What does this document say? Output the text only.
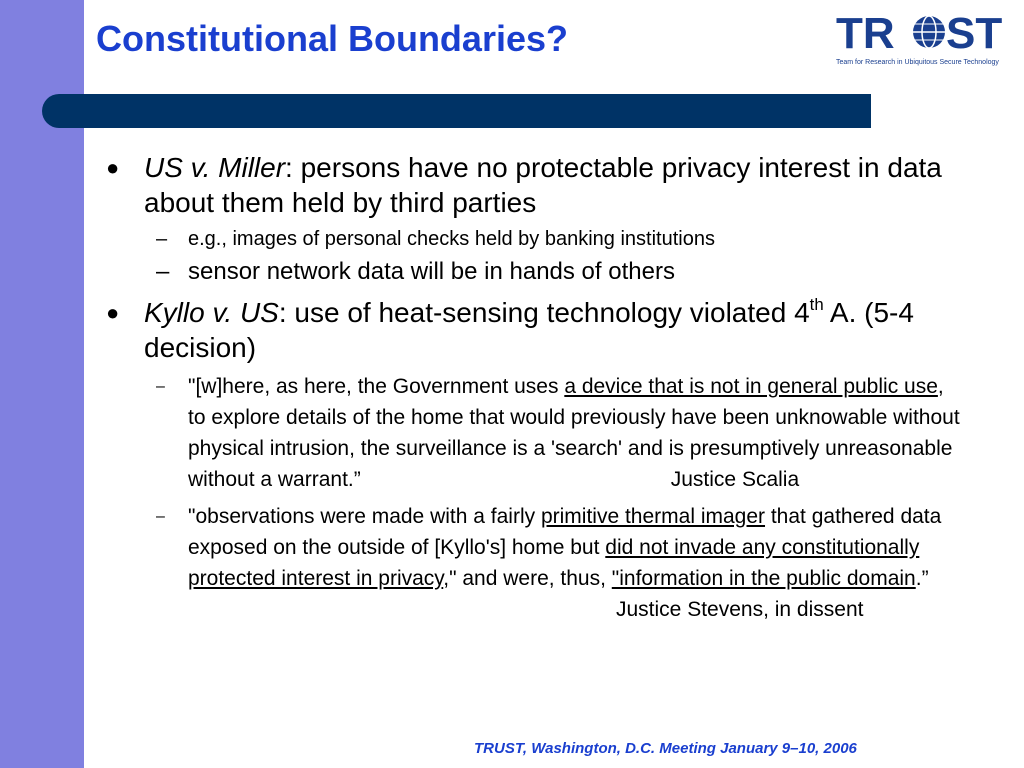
Constitutional Boundaries?	TR ST
Team for Research in Ubiquitous Secure Technology
● US v. Miller: persons have no protectable privacy interest in data about them held by third parties
– e.g., images of personal checks held by banking institutions
– sensor network data will be in hands of others
● Kyllo v. US: use of heat-sensing technology violated 4th A. (5-4 decision)
– "[w]here, as here, the Government uses a device that is not in general public use, to explore details of the home that would previously have been unknowable without physical intrusion, the surveillance is a 'search' and is presumptively unreasonable without a warrant.”	Justice Scalia
– "observations were made with a fairly primitive thermal imager that gathered data exposed on the outside of [Kyllo's] home but did not invade any constitutionally protected interest in privacy," and were, thus, "information in the public domain.”
Justice Stevens, in dissent
TRUST, Washington, D.C. Meeting January 9–10, 2006
